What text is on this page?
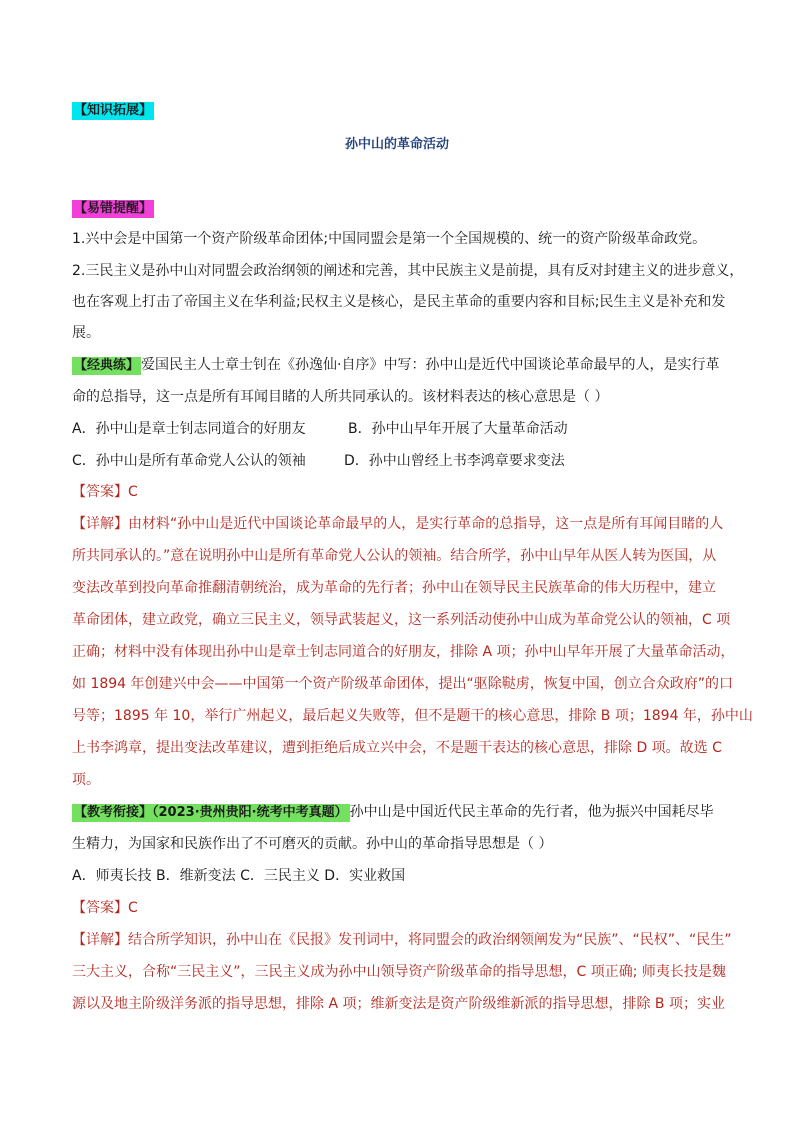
【知识拓展】
孙中山的革命活动
【易错提醒】
1.兴中会是中国第一个资产阶级革命团体;中国同盟会是第一个全国规模的、统一的资产阶级革命政党。
2.三民主义是孙中山对同盟会政治纲领的阐述和完善，其中民族主义是前提，具有反对封建主义的进步意义，
也在客观上打击了帝国主义在华利益;民权主义是核心，是民主革命的重要内容和目标;民生主义是补充和发
展。
【经典练】 爱国民主人士章士钊在《孙逸仙·自序》中写：孙中山是近代中国谈论革命最早的人，是实行革
命的总指导，这一点是所有耳闻目睹的人所共同承认的。该材料表达的核心意思是（ ）
A．孙中山是章士钊志同道合的好朋友	B．孙中山早年开展了大量革命活动
C．孙中山是所有革命党人公认的领袖	D．孙中山曾经上书李鸿章要求变法
【答案】C
【详解】由材料“孙中山是近代中国谈论革命最早的人，是实行革命的总指导，这一点是所有耳闻目睹的人
所共同承认的。”意在说明孙中山是所有革命党人公认的领袖。结合所学，孙中山早年从医人转为医国，从
变法改革到投向革命推翻清朝统治，成为革命的先行者；孙中山在领导民主民族革命的伟大历程中，建立
革命团体，建立政党，确立三民主义，领导武装起义，这一系列活动使孙中山成为革命党公认的领袖，C 项
正确；材料中没有体现出孙中山是章士钊志同道合的好朋友，排除 A 项；孙中山早年开展了大量革命活动，
如 1894 年创建兴中会——中国第一个资产阶级革命团体，提出“驱除鞑虏，恢复中国，创立合众政府”的口
号等；1895 年 10，举行广州起义，最后起义失败等，但不是题干的核心意思，排除 B 项；1894 年，孙中山
上书李鸿章，提出变法改革建议，遭到拒绝后成立兴中会，不是题干表达的核心意思，排除 D 项。故选 C
项。
【教考衔接】（2023·贵州贵阳·统考中考真题） 孙中山是中国近代民主革命的先行者，他为振兴中国耗尽毕
生精力，为国家和民族作出了不可磨灭的贡献。孙中山的革命指导思想是（ ）
A．师夷长技 B．维新变法 C．三民主义 D．实业救国
【答案】C
【详解】结合所学知识，孙中山在《民报》发刊词中，将同盟会的政治纲领阐发为“民族”、“民权”、“民生”
三大主义，合称“三民主义”，三民主义成为孙中山领导资产阶级革命的指导思想，C 项正确; 师夷长技是魏
源以及地主阶级洋务派的指导思想，排除 A 项；维新变法是资产阶级维新派的指导思想，排除 B 项；实业
